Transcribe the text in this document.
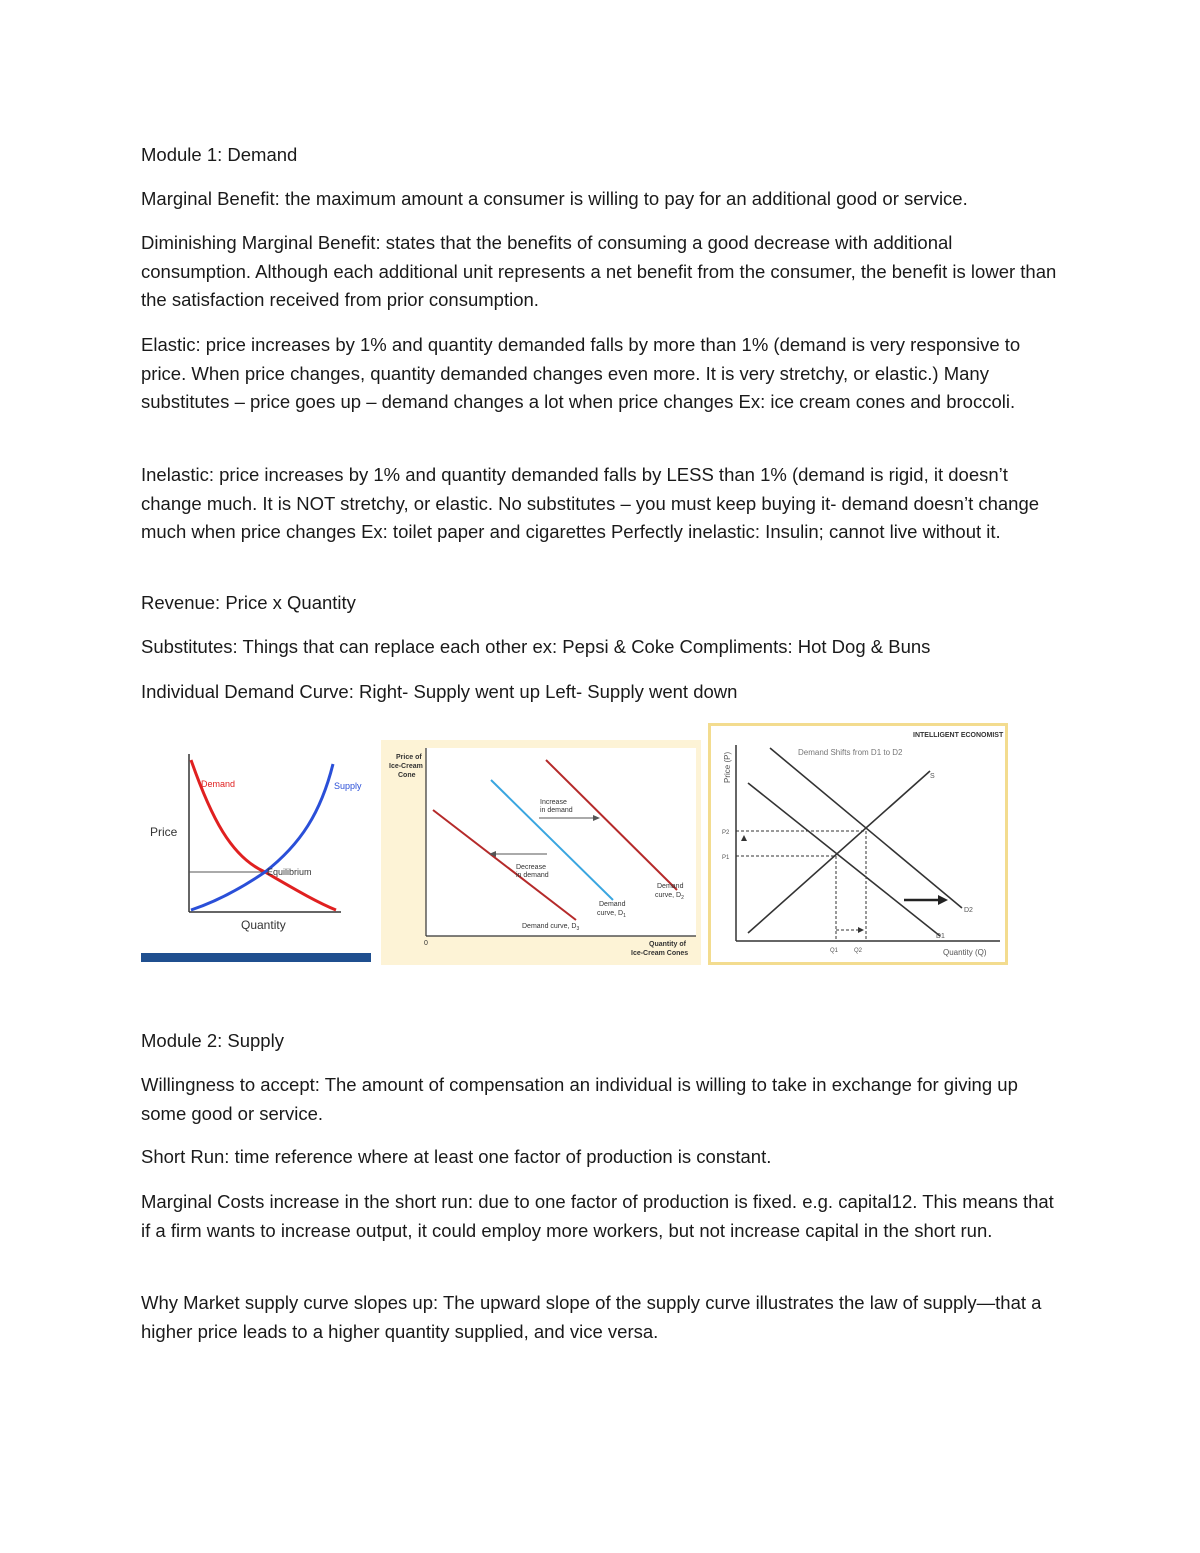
Module 1: Demand

Marginal Benefit: the maximum amount a consumer is willing to pay for an additional good or service.

Diminishing Marginal Benefit: states that the benefits of consuming a good decrease with additional consumption. Although each additional unit represents a net benefit from the consumer, the benefit is lower than the satisfaction received from prior consumption.

Elastic: price increases by 1% and quantity demanded falls by more than 1% (demand is very responsive to price. When price changes, quantity demanded changes even more. It is very stretchy, or elastic.) Many substitutes – price goes up – demand changes a lot when price changes Ex: ice cream cones and broccoli.

Inelastic: price increases by 1% and quantity demanded falls by LESS than 1% (demand is rigid, it doesn’t change much. It is NOT stretchy, or elastic. No substitutes – you must keep buying it- demand doesn’t change much when price changes Ex: toilet paper and cigarettes Perfectly inelastic: Insulin; cannot live without it.

Revenue: Price x Quantity

Substitutes: Things that can replace each other ex: Pepsi & Coke Compliments: Hot Dog & Buns

Individual Demand Curve: Right- Supply went up Left- Supply went down

Demand	Supply
Equilibrium
Price
Quantity
Price of
Ice-Cream
Cone
0	Quantity of
Ice-Cream Cones
Increase
in demand
Decrease
in demand
Demand
curve, $D_2$
Demand
curve, $D_1$
Demand curve, $D_3$
INTELLIGENT ECONOMIST
Demand Shifts from D1 to D2
Price (P)
Quantity (Q)
S
P2
P1
Q1	Q2
D2
D1

Module 2: Supply

Willingness to accept: The amount of compensation an individual is willing to take in exchange for giving up some good or service.

Short Run: time reference where at least one factor of production is constant.

Marginal Costs increase in the short run: due to one factor of production is fixed. e.g. capital12. This means that if a firm wants to increase output, it could employ more workers, but not increase capital in the short run.

Why Market supply curve slopes up: The upward slope of the supply curve illustrates the law of supply—that a higher price leads to a higher quantity supplied, and vice versa.
